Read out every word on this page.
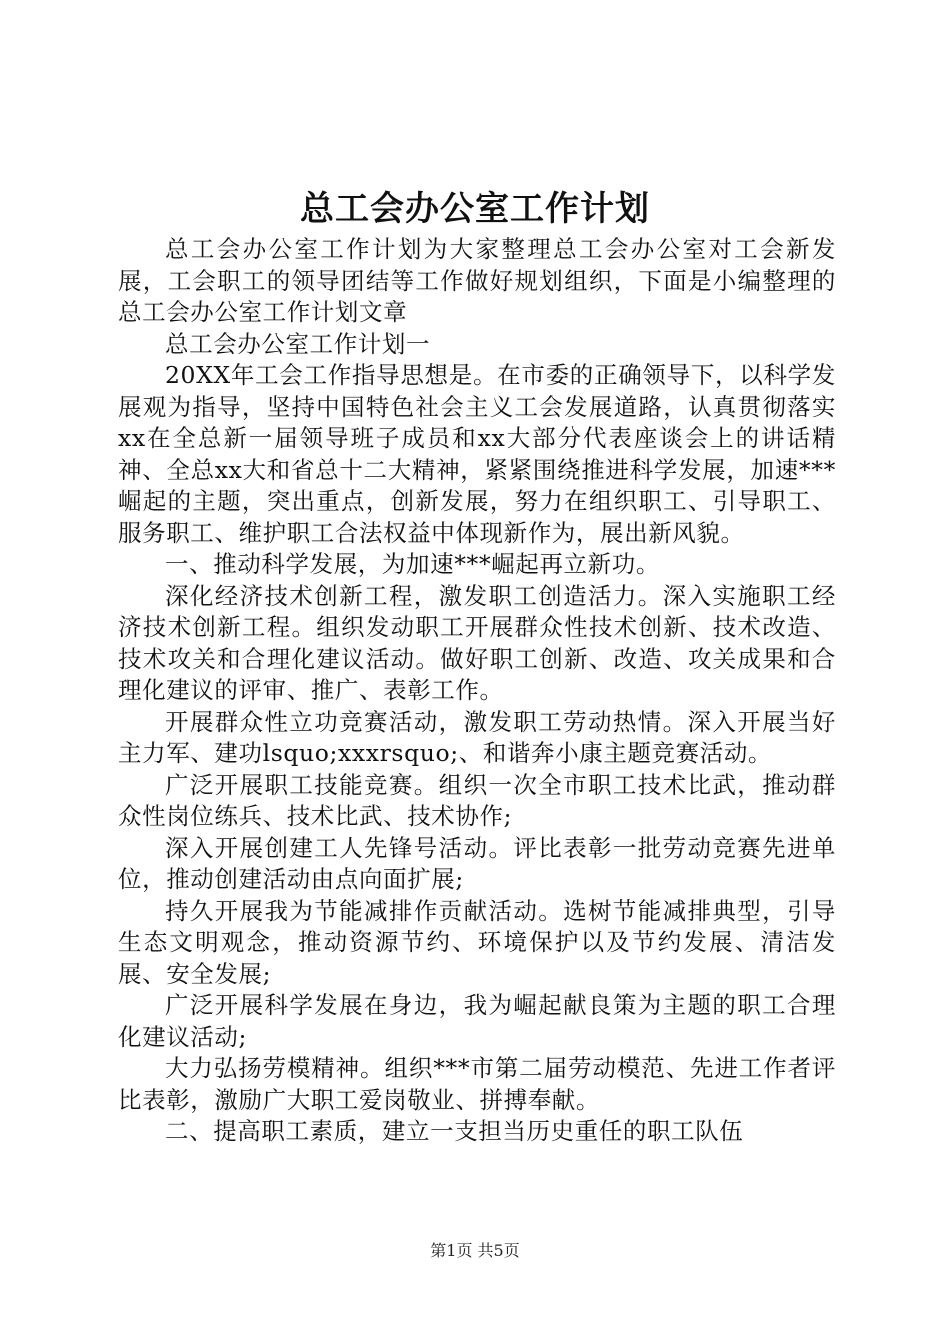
总工会办公室工作计划

总工会办公室工作计划为大家整理总工会办公室对工会新发展，工会职工的领导团结等工作做好规划组织，下面是小编整理的总工会办公室工作计划文章

总工会办公室工作计划一

20XX年工会工作指导思想是。在市委的正确领导下，以科学发展观为指导，坚持中国特色社会主义工会发展道路，认真贯彻落实xx在全总新一届领导班子成员和xx大部分代表座谈会上的讲话精神、全总xx大和省总十二大精神，紧紧围绕推进科学发展，加速***崛起的主题，突出重点，创新发展，努力在组织职工、引导职工、服务职工、维护职工合法权益中体现新作为，展出新风貌。

一、推动科学发展，为加速***崛起再立新功。

深化经济技术创新工程，激发职工创造活力。深入实施职工经济技术创新工程。组织发动职工开展群众性技术创新、技术改造、技术攻关和合理化建议活动。做好职工创新、改造、攻关成果和合理化建议的评审、推广、表彰工作。

开展群众性立功竞赛活动，激发职工劳动热情。深入开展当好主力军、建功lsquo;xxxrsquo;、和谐奔小康主题竞赛活动。

广泛开展职工技能竞赛。组织一次全市职工技术比武，推动群众性岗位练兵、技术比武、技术协作;

深入开展创建工人先锋号活动。评比表彰一批劳动竞赛先进单位，推动创建活动由点向面扩展;

持久开展我为节能减排作贡献活动。选树节能减排典型，引导生态文明观念，推动资源节约、环境保护以及节约发展、清洁发展、安全发展;

广泛开展科学发展在身边，我为崛起献良策为主题的职工合理化建议活动;

大力弘扬劳模精神。组织***市第二届劳动模范、先进工作者评比表彰，激励广大职工爱岗敬业、拼搏奉献。

二、提高职工素质，建立一支担当历史重任的职工队伍

第1页 共5页
